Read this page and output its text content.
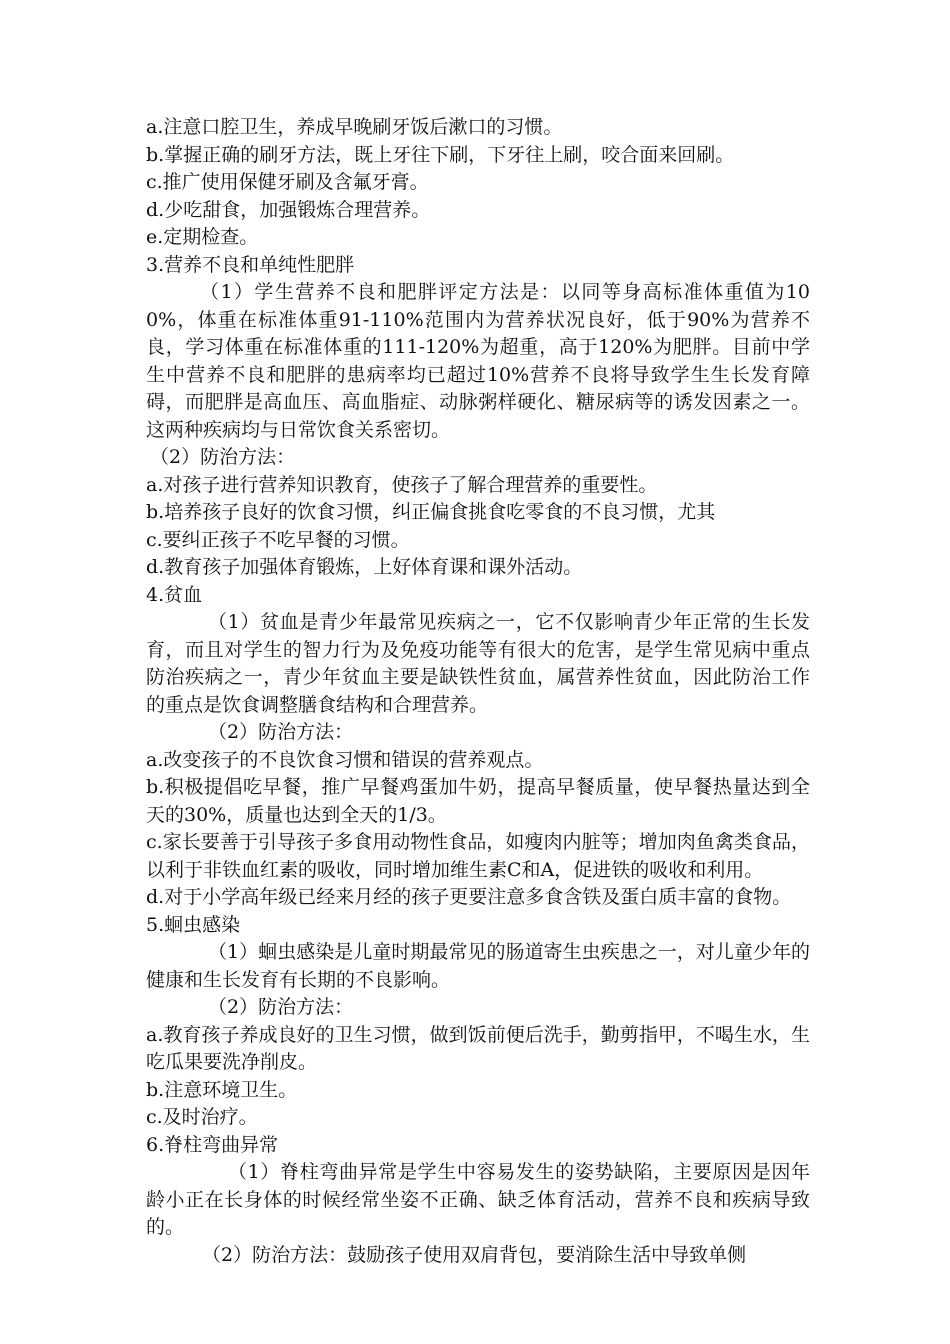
a.注意口腔卫生，养成早晚刷牙饭后漱口的习惯。
b.掌握正确的刷牙方法，既上牙往下刷，下牙往上刷，咬合面来回刷。
c.推广使用保健牙刷及含氟牙膏。
d.少吃甜食，加强锻炼合理营养。
e.定期检查。
3.营养不良和单纯性肥胖
（1）学生营养不良和肥胖评定方法是：以同等身高标准体重值为100%，体重在标准体重91-110%范围内为营养状况良好，低于90%为营养不良，学习体重在标准体重的111-120%为超重，高于120%为肥胖。目前中学生中营养不良和肥胖的患病率均已超过10%营养不良将导致学生生长发育障碍，而肥胖是高血压、高血脂症、动脉粥样硬化、糖尿病等的诱发因素之一。这两种疾病均与日常饮食关系密切。
（2）防治方法：
a.对孩子进行营养知识教育，使孩子了解合理营养的重要性。
b.培养孩子良好的饮食习惯，纠正偏食挑食吃零食的不良习惯，尤其
c.要纠正孩子不吃早餐的习惯。
d.教育孩子加强体育锻炼，上好体育课和课外活动。
4.贫血
（1）贫血是青少年最常见疾病之一，它不仅影响青少年正常的生长发育，而且对学生的智力行为及免疫功能等有很大的危害，是学生常见病中重点防治疾病之一，青少年贫血主要是缺铁性贫血，属营养性贫血，因此防治工作的重点是饮食调整膳食结构和合理营养。
（2）防治方法：
a.改变孩子的不良饮食习惯和错误的营养观点。
b.积极提倡吃早餐，推广早餐鸡蛋加牛奶，提高早餐质量，使早餐热量达到全天的30%，质量也达到全天的1/3。
c.家长要善于引导孩子多食用动物性食品，如瘦肉内脏等；增加肉鱼禽类食品，以利于非铁血红素的吸收，同时增加维生素C和A，促进铁的吸收和利用。
d.对于小学高年级已经来月经的孩子更要注意多食含铁及蛋白质丰富的食物。
5.蛔虫感染
（1）蛔虫感染是儿童时期最常见的肠道寄生虫疾患之一，对儿童少年的健康和生长发育有长期的不良影响。
（2）防治方法：
a.教育孩子养成良好的卫生习惯，做到饭前便后洗手，勤剪指甲，不喝生水，生吃瓜果要洗净削皮。
b.注意环境卫生。
c.及时治疗。
6.脊柱弯曲异常
（1）脊柱弯曲异常是学生中容易发生的姿势缺陷，主要原因是因年龄小正在长身体的时候经常坐姿不正确、缺乏体育活动，营养不良和疾病导致的。
（2）防治方法：鼓励孩子使用双肩背包，要消除生活中导致单侧
